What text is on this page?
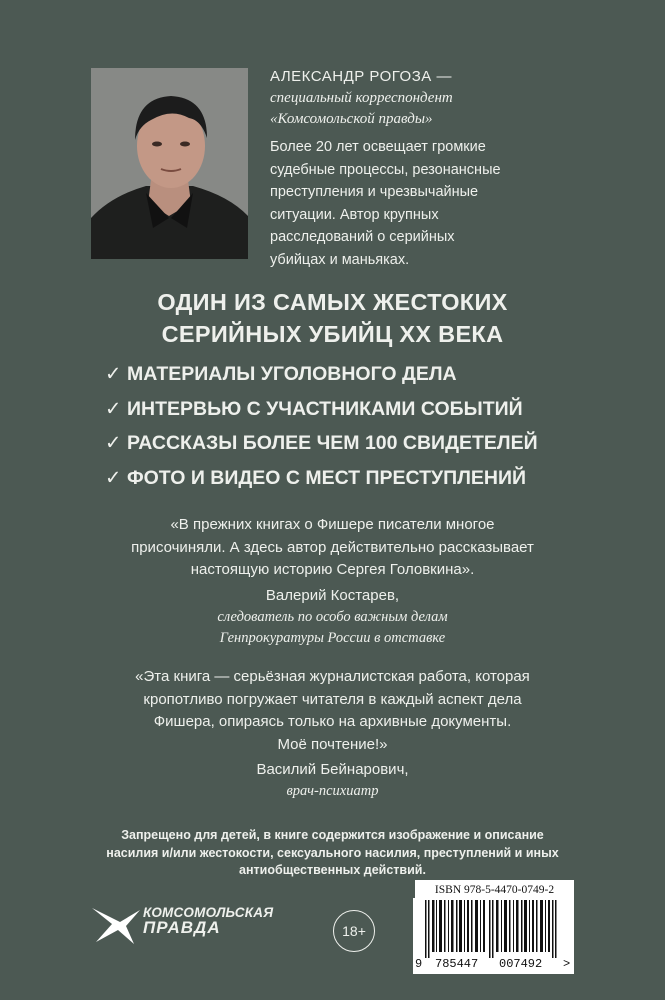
АЛЕКСАНДР РОГОЗА —
специальный корреспондент
«Комсомольской правды»
Более 20 лет освещает громкие
судебные процессы, резонансные
преступления и чрезвычайные
ситуации. Автор крупных
расследований о серийных
убийцах и маньяках.
ОДИН ИЗ САМЫХ ЖЕСТОКИХ
СЕРИЙНЫХ УБИЙЦ XX ВЕКА
✓ МАТЕРИАЛЫ УГОЛОВНОГО ДЕЛА
✓ ИНТЕРВЬЮ С УЧАСТНИКАМИ СОБЫТИЙ
✓ РАССКАЗЫ БОЛЕЕ ЧЕМ 100 СВИДЕТЕЛЕЙ
✓ ФОТО И ВИДЕО С МЕСТ ПРЕСТУПЛЕНИЙ
«В прежних книгах о Фишере писатели многое
присочиняли. А здесь автор действительно рассказывает
настоящую историю Сергея Головкина».
Валерий Костарев,
следователь по особо важным делам
Генпрокуратуры России в отставке
«Эта книга — серьёзная журналистская работа, которая
кропотливо погружает читателя в каждый аспект дела
Фишера, опираясь только на архивные документы.
Моё почтение!»
Василий Бейнарович,
врач-психиатр
Запрещено для детей, в книге содержится изображение и описание
насилия и/или жестокости, сексуального насилия, преступлений и иных
антиобщественных действий.
КОМСОМОЛЬСКАЯ
ПРАВДА	18+
ISBN 978-5-4470-0749-2
9 785447 007492 >
